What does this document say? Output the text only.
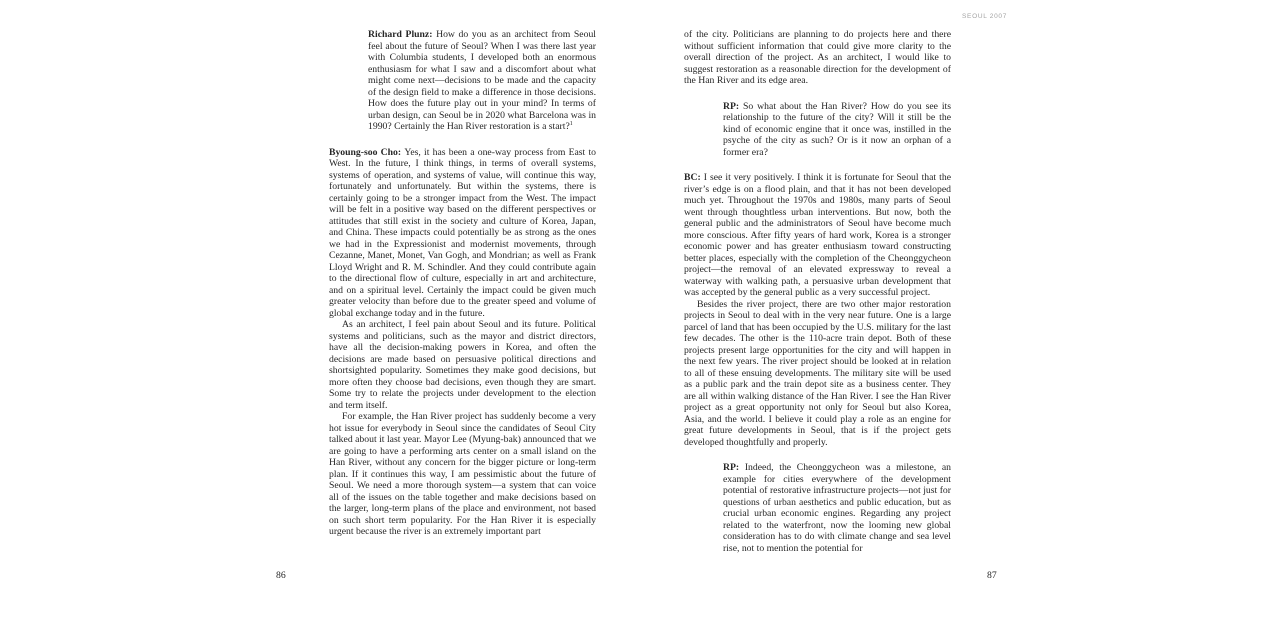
SEOUL 2007

Richard Plunz: How do you as an architect from Seoul feel about the future of Seoul? When I was there last year with Columbia students, I developed both an enormous enthusiasm for what I saw and a discomfort about what might come next—decisions to be made and the capacity of the design field to make a difference in those decisions. How does the future play out in your mind? In terms of urban design, can Seoul be in 2020 what Barcelona was in 1990? Certainly the Han River restoration is a start?$^1$

Byoung-soo Cho: Yes, it has been a one-way process from East to West. In the future, I think things, in terms of overall systems, systems of operation, and systems of value, will continue this way, fortunately and unfortunately. But within the systems, there is certainly going to be a stronger impact from the West. The impact will be felt in a positive way based on the different perspectives or attitudes that still exist in the society and culture of Korea, Japan, and China. These impacts could potentially be as strong as the ones we had in the Expressionist and modernist movements, through Cezanne, Manet, Monet, Van Gogh, and Mondrian; as well as Frank Lloyd Wright and R. M. Schindler. And they could contribute again to the directional flow of culture, especially in art and architecture, and on a spiritual level. Certainly the impact could be given much greater velocity than before due to the greater speed and volume of global exchange today and in the future.

As an architect, I feel pain about Seoul and its future. Political systems and politicians, such as the mayor and district directors, have all the decision-making powers in Korea, and often the decisions are made based on persuasive political directions and shortsighted popularity. Sometimes they make good decisions, but more often they choose bad decisions, even though they are smart. Some try to relate the projects under development to the election and term itself.

For example, the Han River project has suddenly become a very hot issue for everybody in Seoul since the candidates of Seoul City talked about it last year. Mayor Lee (Myung-bak) announced that we are going to have a performing arts center on a small island on the Han River, without any concern for the bigger picture or long-term plan. If it continues this way, I am pessimistic about the future of Seoul. We need a more thorough system—a system that can voice all of the issues on the table together and make decisions based on the larger, long-term plans of the place and environment, not based on such short term popularity. For the Han River it is especially urgent because the river is an extremely important part

of the city. Politicians are planning to do projects here and there without sufficient information that could give more clarity to the overall direction of the project. As an architect, I would like to suggest restoration as a reasonable direction for the development of the Han River and its edge area.

RP: So what about the Han River? How do you see its relationship to the future of the city? Will it still be the kind of economic engine that it once was, instilled in the psyche of the city as such? Or is it now an orphan of a former era?

BC: I see it very positively. I think it is fortunate for Seoul that the river’s edge is on a flood plain, and that it has not been developed much yet. Throughout the 1970s and 1980s, many parts of Seoul went through thoughtless urban interventions. But now, both the general public and the administrators of Seoul have become much more conscious. After fifty years of hard work, Korea is a stronger economic power and has greater enthusiasm toward constructing better places, especially with the completion of the Cheonggycheon project—the removal of an elevated expressway to reveal a waterway with walking path, a persuasive urban development that was accepted by the general public as a very successful project.

Besides the river project, there are two other major restoration projects in Seoul to deal with in the very near future. One is a large parcel of land that has been occupied by the U.S. military for the last few decades. The other is the 110-acre train depot. Both of these projects present large opportunities for the city and will happen in the next few years. The river project should be looked at in relation to all of these ensuing developments. The military site will be used as a public park and the train depot site as a business center. They are all within walking distance of the Han River. I see the Han River project as a great opportunity not only for Seoul but also Korea, Asia, and the world. I believe it could play a role as an engine for great future developments in Seoul, that is if the project gets developed thoughtfully and properly.

RP: Indeed, the Cheonggycheon was a milestone, an example for cities everywhere of the development potential of restorative infrastructure projects—not just for questions of urban aesthetics and public education, but as crucial urban economic engines. Regarding any project related to the waterfront, now the looming new global consideration has to do with climate change and sea level rise, not to mention the potential for

86	87
